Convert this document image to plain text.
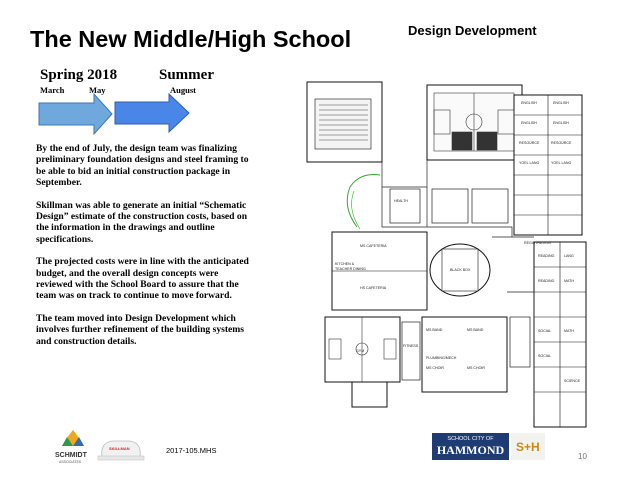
The New Middle/High School	Design Development
Spring 2018	Summer
March	May	August

By the end of July, the design team was finalizing preliminary foundation designs and steel framing to be able to bid an initial construction package in September.

Skillman was able to generate an initial “Schematic Design” estimate of the construction costs, based on the information in the drawings and outline specifications.

The projected costs were in line with the anticipated budget, and the overall design concepts were reviewed with the School Board to assure that the team was on track to continue to move forward.

The team moved into Design Development which involves further refinement of the building systems and construction details.

ENGLISH	ENGLISH
ENGLISH	ENGLISH
RESOURCE	RESOURCE
YOEL LANG	YOEL LANG
HEALTH
MS CAFETERIA
HS CAFETERIA
KITCHEN &
TEACHER DINING	BLACK BOX
MS BAND	MS BAND
MS CHOIR	MS CHOIR
PLUMBING/MECH
FITNESS
GYM
READING	LANG
READING	MATH
SOCIAL	MATH
SOCIAL
SCIENCE
REGISTRATION
SCHMIDT
ASSOCIATES
SKILLMAN	2017-105.MHS
SCHOOL CITY OF
HAMMOND S+H
10
